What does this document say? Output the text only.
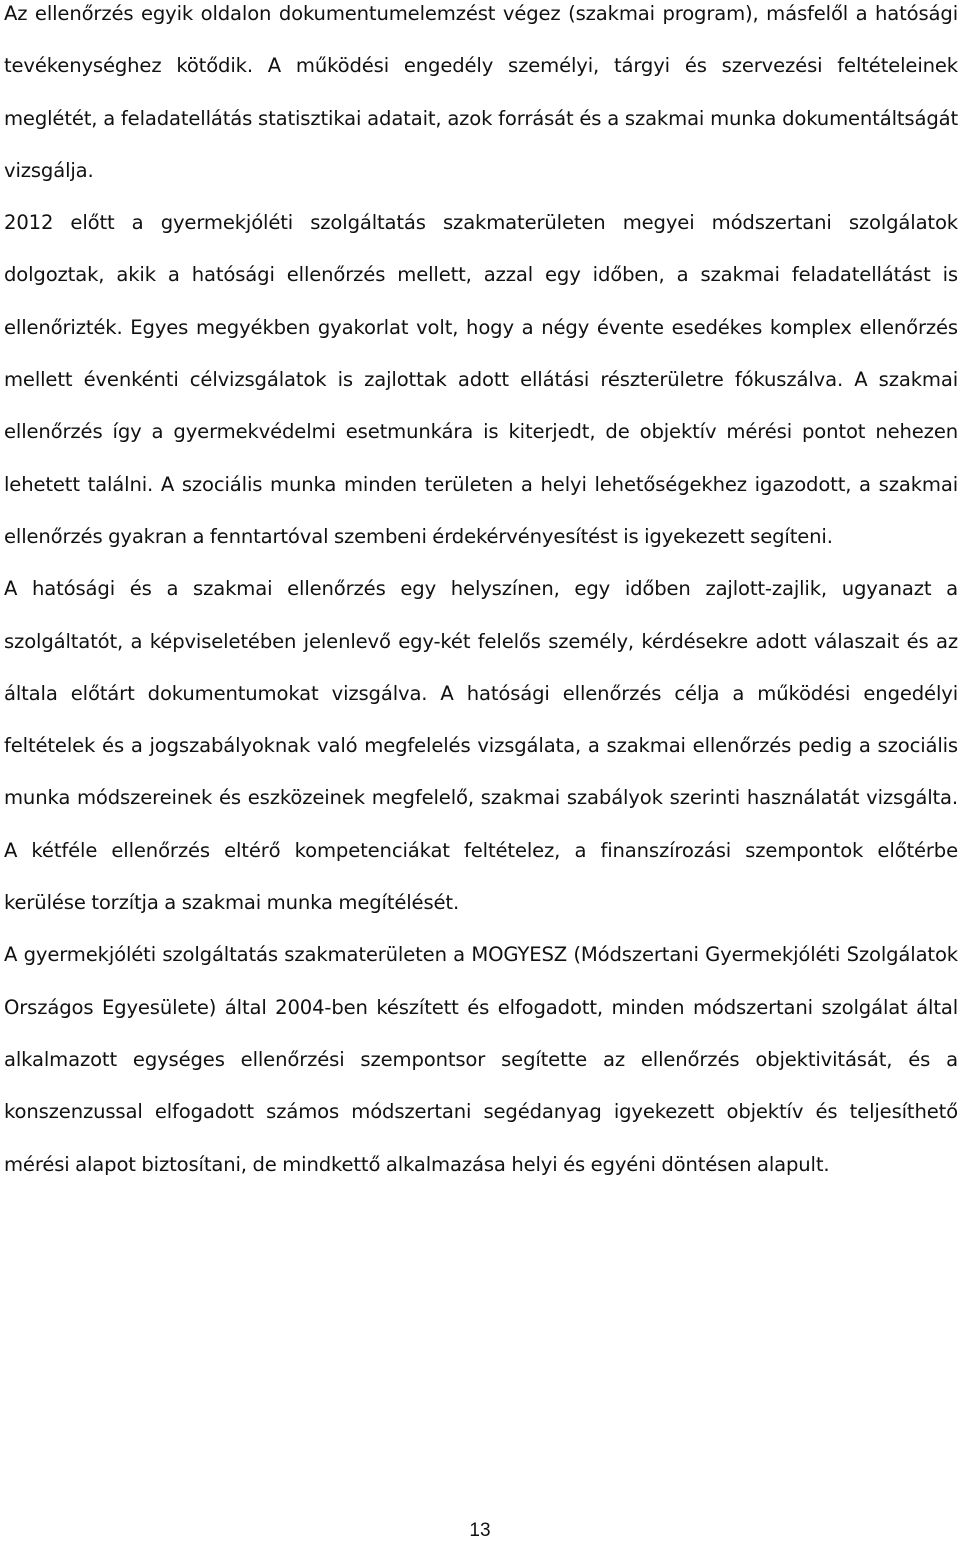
Az ellenőrzés egyik oldalon dokumentumelemzést végez (szakmai program), másfelől a hatósági tevékenységhez kötődik. A működési engedély személyi, tárgyi és szervezési feltételeinek meglétét, a feladatellátás statisztikai adatait, azok forrását és a szakmai munka dokumentáltságát vizsgálja.

2012 előtt a gyermekjóléti szolgáltatás szakmaterületen megyei módszertani szolgálatok dolgoztak, akik a hatósági ellenőrzés mellett, azzal egy időben, a szakmai feladatellátást is ellenőrizték. Egyes megyékben gyakorlat volt, hogy a négy évente esedékes komplex ellenőrzés mellett évenkénti célvizsgálatok is zajlottak adott ellátási részterületre fókuszálva. A szakmai ellenőrzés így a gyermekvédelmi esetmunkára is kiterjedt, de objektív mérési pontot nehezen lehetett találni. A szociális munka minden területen a helyi lehetőségekhez igazodott, a szakmai ellenőrzés gyakran a fenntartóval szembeni érdekérvényesítést is igyekezett segíteni.

A hatósági és a szakmai ellenőrzés egy helyszínen, egy időben zajlott-zajlik, ugyanazt a szolgáltatót, a képviseletében jelenlevő egy-két felelős személy, kérdésekre adott válaszait és az általa előtárt dokumentumokat vizsgálva. A hatósági ellenőrzés célja a működési engedélyi feltételek és a jogszabályoknak való megfelelés vizsgálata, a szakmai ellenőrzés pedig a szociális munka módszereinek és eszközeinek megfelelő, szakmai szabályok szerinti használatát vizsgálta. A kétféle ellenőrzés eltérő kompetenciákat feltételez, a finanszírozási szempontok előtérbe kerülése torzítja a szakmai munka megítélését.

A gyermekjóléti szolgáltatás szakmaterületen a MOGYESZ (Módszertani Gyermekjóléti Szolgálatok Országos Egyesülete) által 2004-ben készített és elfogadott, minden módszertani szolgálat által alkalmazott egységes ellenőrzési szempontsor segítette az ellenőrzés objektivitását, és a konszenzussal elfogadott számos módszertani segédanyag igyekezett objektív és teljesíthető mérési alapot biztosítani, de mindkettő alkalmazása helyi és egyéni döntésen alapult.

13
